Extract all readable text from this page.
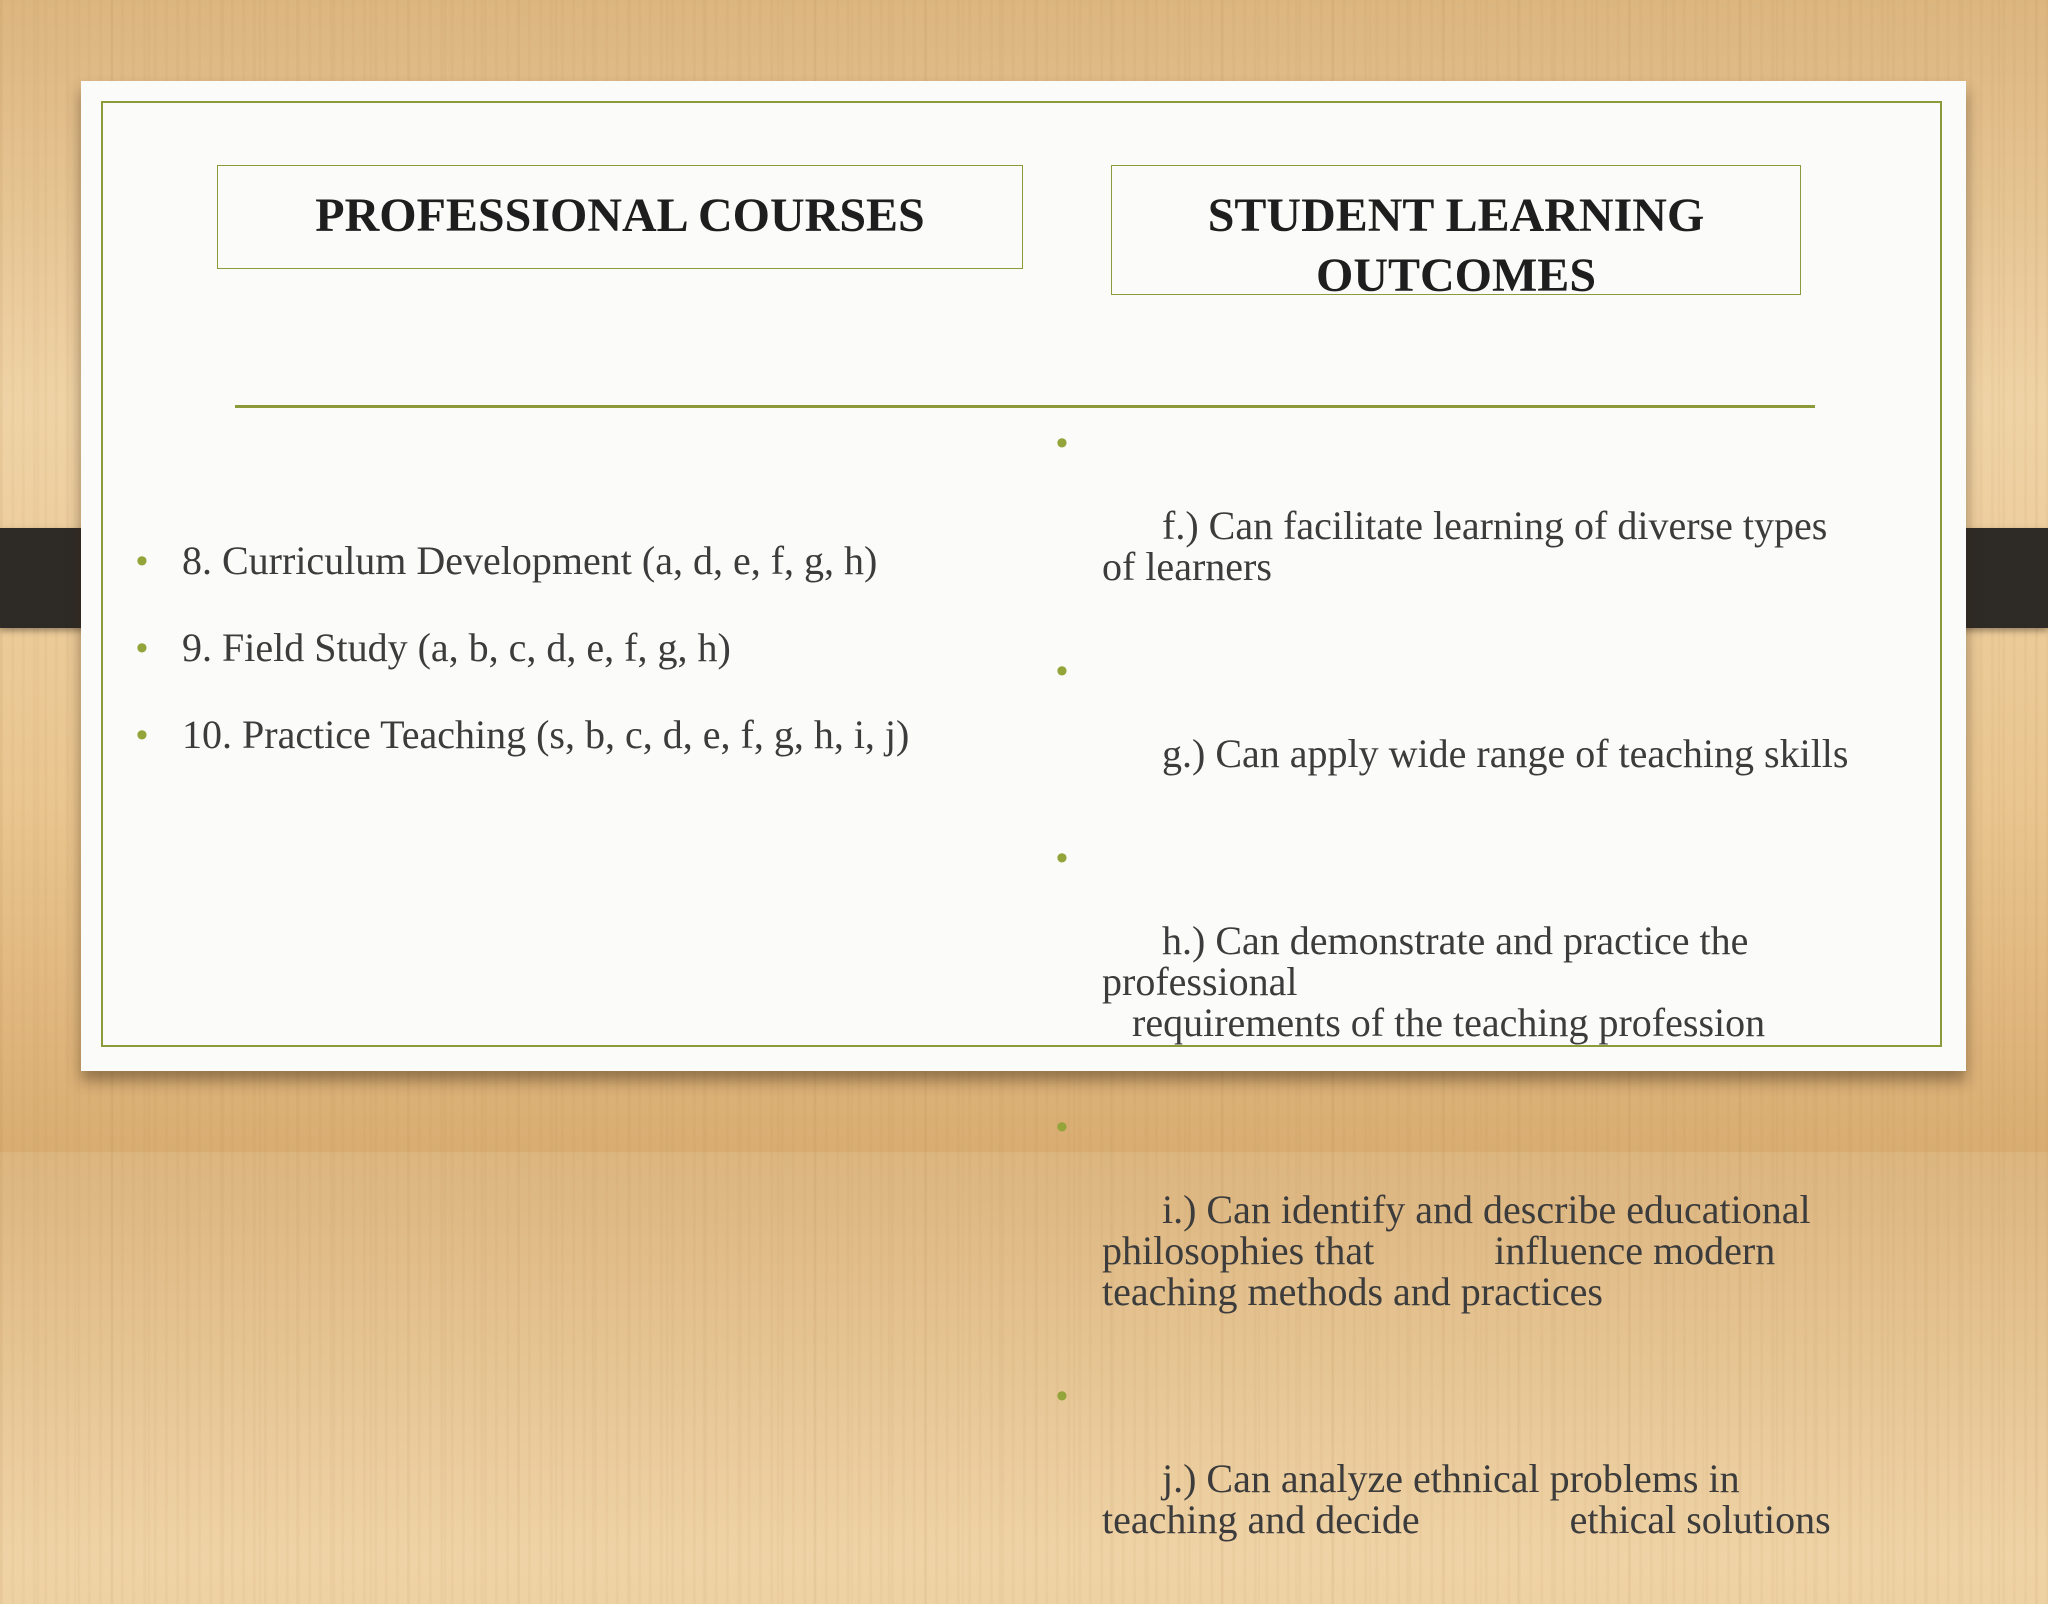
PROFESSIONAL COURSES	STUDENT LEARNING OUTCOMES
• 8. Curriculum Development (a, d, e, f, g, h)
• 9. Field Study (a, b, c, d, e, f, g, h)
• 10. Practice Teaching (s, b, c, d, e, f, g, h, i, j)

•

f.) Can facilitate learning of diverse types of learners

•

g.) Can apply wide range of teaching skills

•

h.) Can demonstrate and practice the professional
requirements of the teaching profession

•

i.) Can identify and describe educational philosophies that            influence modern teaching methods and practices

•

j.) Can analyze ethnical problems in teaching and decide               ethical solutions
